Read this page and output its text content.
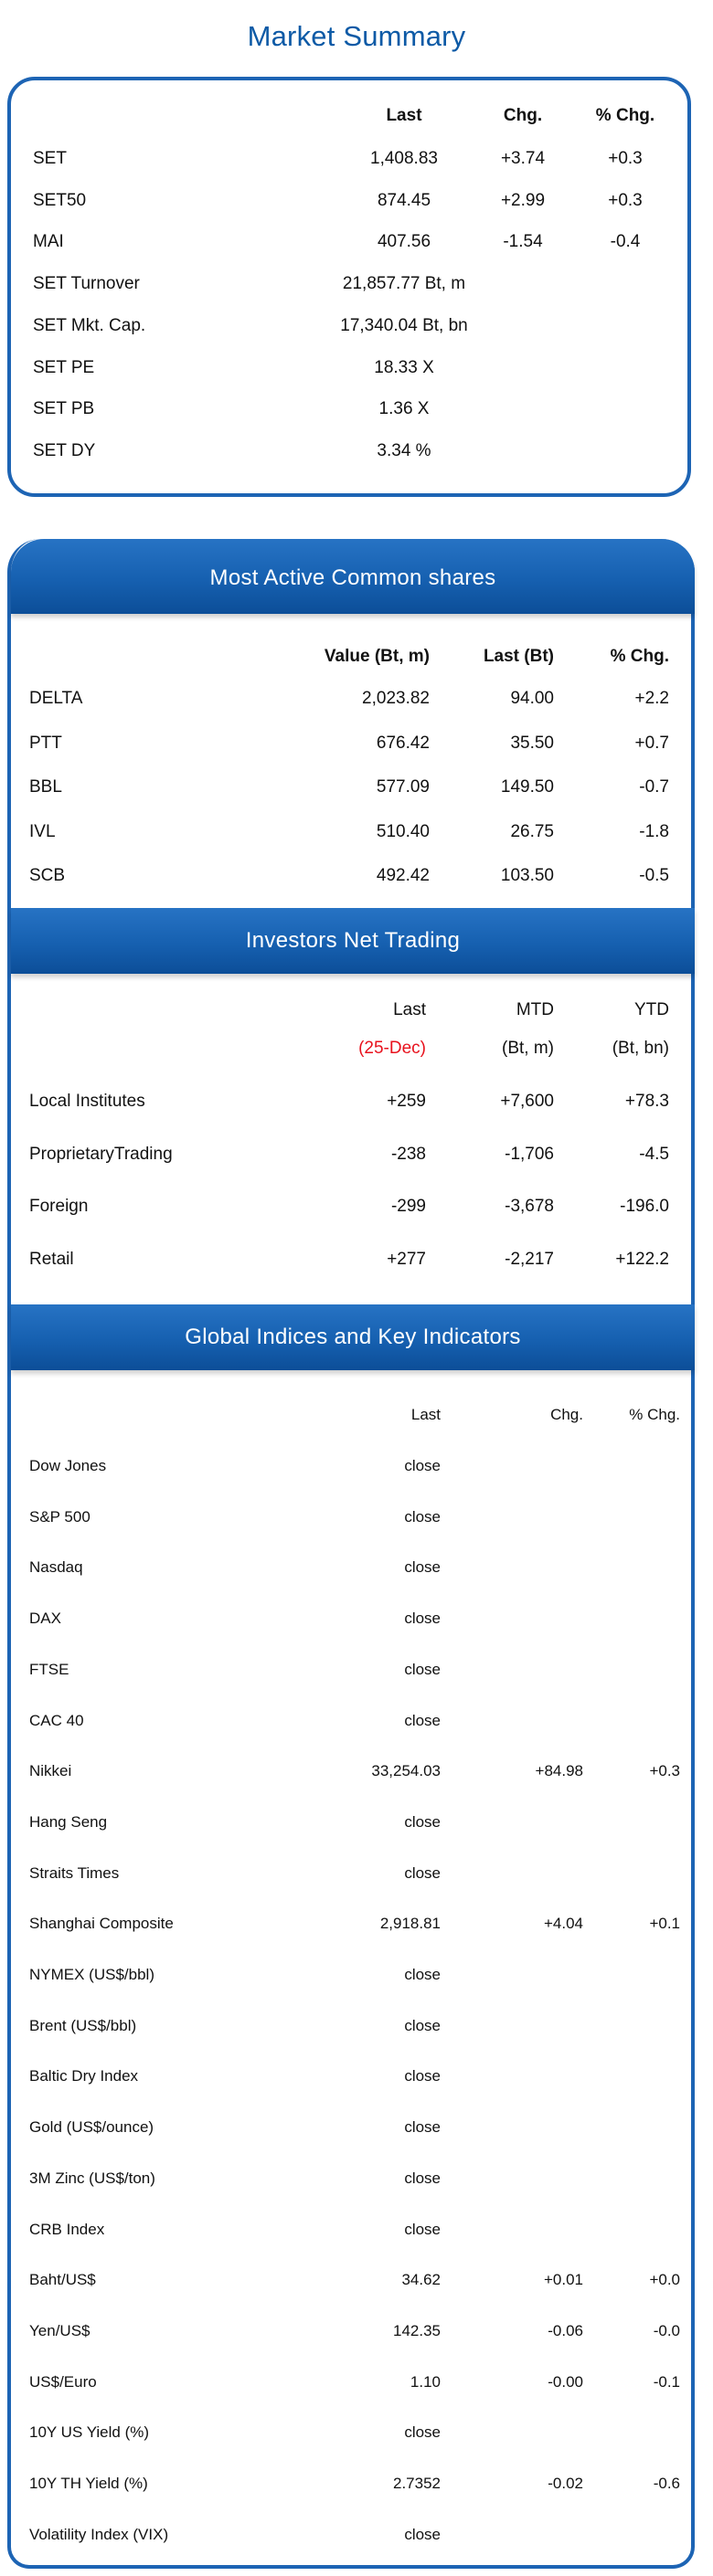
Market Summary
Last	Chg.	% Chg.
SET	1,408.83	+3.74	+0.3
SET50	874.45	+2.99	+0.3
MAI	407.56	-1.54	-0.4
SET Turnover	21,857.77 Bt, m
SET Mkt. Cap.	17,340.04 Bt, bn
SET PE	18.33 X
SET PB	1.36 X
SET DY	3.34 %
Most Active Common shares
Value (Bt, m)	Last (Bt)	% Chg.
DELTA	2,023.82	94.00	+2.2
PTT	676.42	35.50	+0.7
BBL	577.09	149.50	-0.7
IVL	510.40	26.75	-1.8
SCB	492.42	103.50	-0.5
Investors Net Trading
Last	MTD	YTD
(25-Dec)	(Bt, m)	(Bt, bn)
Local Institutes	+259	+7,600	+78.3
ProprietaryTrading	-238	-1,706	-4.5
Foreign	-299	-3,678	-196.0
Retail	+277	-2,217	+122.2
Global Indices and Key Indicators
Last	Chg.	% Chg.
Dow Jones	close
S&P 500	close
Nasdaq	close
DAX	close
FTSE	close
CAC 40	close
Nikkei	33,254.03	+84.98	+0.3
Hang Seng	close
Straits Times	close
Shanghai Composite	2,918.81	+4.04	+0.1
NYMEX (US$/bbl)	close
Brent (US$/bbl)	close
Baltic Dry Index	close
Gold (US$/ounce)	close
3M Zinc (US$/ton)	close
CRB Index	close
Baht/US$	34.62	+0.01	+0.0
Yen/US$	142.35	-0.06	-0.0
US$/Euro	1.10	-0.00	-0.1
10Y US Yield (%)	close
10Y TH Yield (%)	2.7352	-0.02	-0.6
Volatility Index (VIX)	close
